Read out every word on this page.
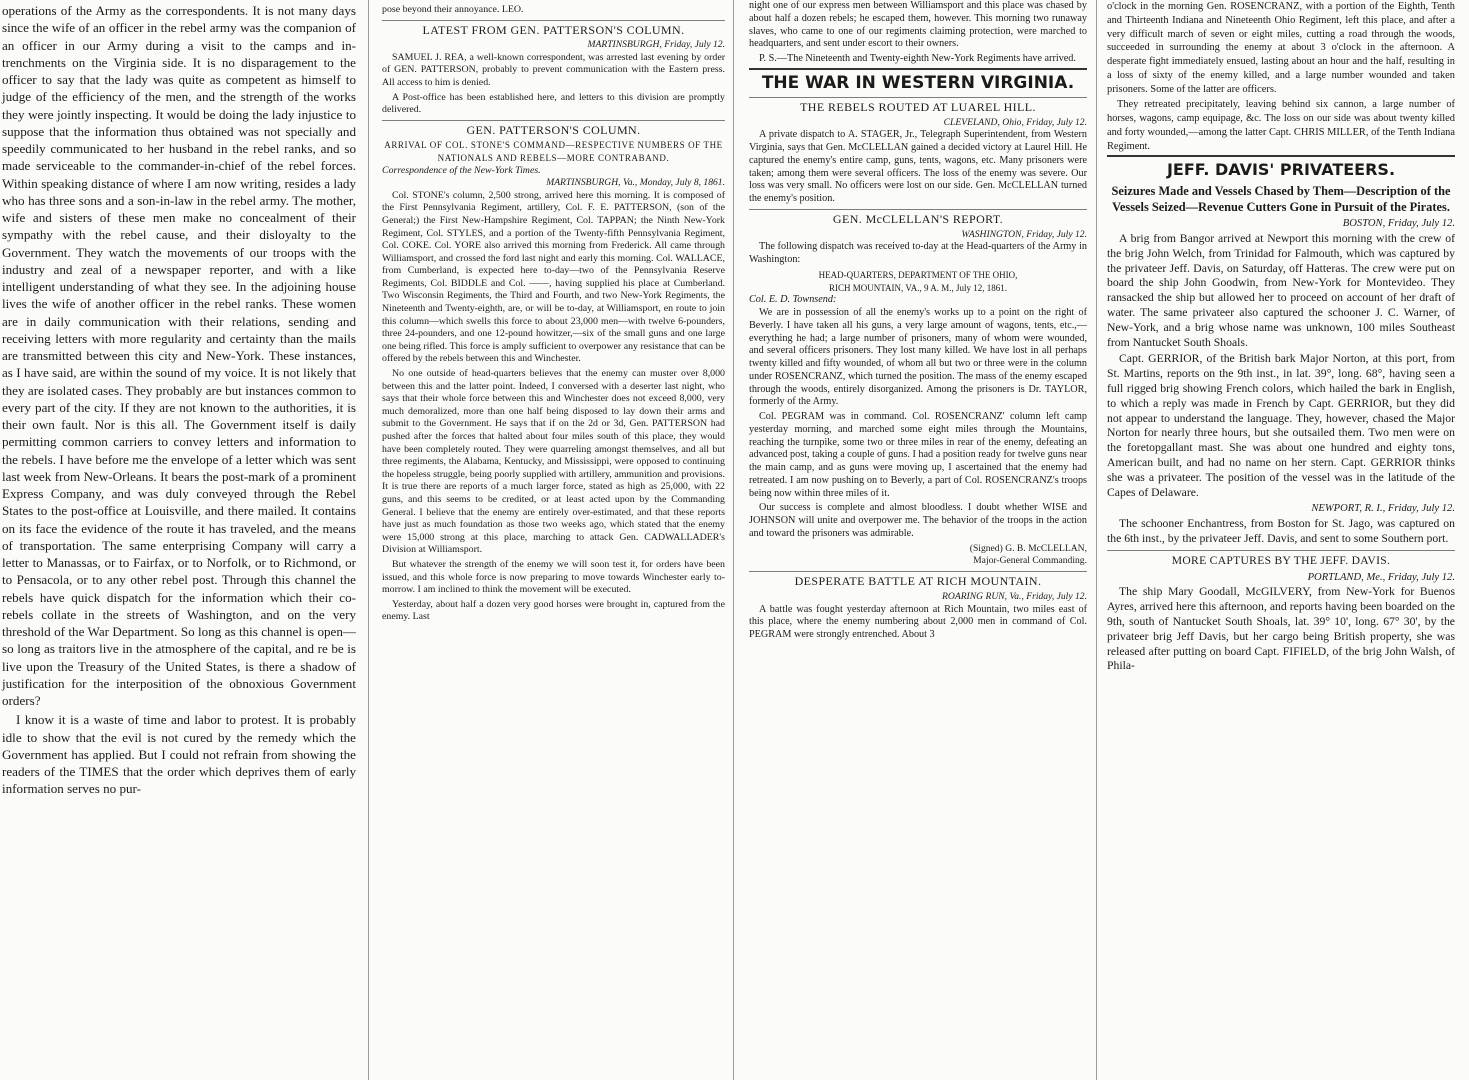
operations of the Army as the correspondents. It is not many days since the wife of an officer in the rebel army was the companion of an officer in our Army during a visit to the camps and in-trenchments on the Virginia side. It is no disparagement to the officer to say that the lady was quite as competent as himself to judge of the efficiency of the men, and the strength of the works they were jointly inspecting. It would be doing the lady injustice to suppose that the information thus obtained was not specially and speedily communicated to her husband in the rebel ranks, and so made serviceable to the commander-in-chief of the rebel forces. Within speaking distance of where I am now writing, resides a lady who has three sons and a son-in-law in the rebel army. The mother, wife and sisters of these men make no concealment of their sympathy with the rebel cause, and their disloyalty to the Government. They watch the movements of our troops with the industry and zeal of a newspaper reporter, and with a like intelligent understanding of what they see. In the adjoining house lives the wife of another officer in the rebel ranks. These women are in daily communication with their relations, sending and receiving letters with more regularity and certainty than the mails are transmitted between this city and New-York. These instances, as I have said, are within the sound of my voice. It is not likely that they are isolated cases. They probably are but instances common to every part of the city. If they are not known to the authorities, it is their own fault. Nor is this all. The Government itself is daily permitting common carriers to convey letters and information to the rebels. I have before me the envelope of a letter which was sent last week from New-Orleans. It bears the post-mark of a prominent Express Company, and was duly conveyed through the Rebel States to the post-office at Louisville, and there mailed. It contains on its face the evidence of the route it has traveled, and the means of transportation. The same enterprising Company will carry a letter to Manassas, or to Fairfax, or to Norfolk, or to Richmond, or to Pensacola, or to any other rebel post. Through this channel the rebels have quick dispatch for the information which their co-rebels collate in the streets of Washington, and on the very threshold of the War Department. So long as this channel is open—so long as traitors live in the atmosphere of the capital, and re be is live upon the Treasury of the United States, is there a shadow of justification for the interposition of the obnoxious Government orders?

I know it is a waste of time and labor to protest. It is probably idle to show that the evil is not cured by the remedy which the Government has applied. But I could not refrain from showing the readers of the TIMES that the order which deprives them of early information serves no pur-

pose beyond their annoyance. LEO.

LATEST FROM GEN. PATTERSON'S COLUMN.
MARTINSBURGH, Friday, July 12.

SAMUEL J. REA, a well-known correspondent, was arrested last evening by order of GEN. PATTERSON, probably to prevent communication with the Eastern press. All access to him is denied.

A Post-office has been established here, and letters to this division are promptly delivered.

GEN. PATTERSON'S COLUMN.
ARRIVAL OF COL. STONE'S COMMAND—RESPECTIVE NUMBERS OF THE NATIONALS AND REBELS—MORE CONTRABAND.
Correspondence of the New-York Times.
MARTINSBURGH, Va., Monday, July 8, 1861.

Col. STONE's column, 2,500 strong, arrived here this morning. It is composed of the First Pennsylvania Regiment, artillery, Col. F. E. PATTERSON, (son of the General;) the First New-Hampshire Regiment, Col. TAPPAN; the Ninth New-York Regiment, Col. STYLES, and a portion of the Twenty-fifth Pennsylvania Regiment, Col. COKE. Col. YORE also arrived this morning from Frederick. All came through Williamsport, and crossed the ford last night and early this morning. Col. WALLACE, from Cumberland, is expected here to-day—two of the Pennsylvania Reserve Regiments, Col. BIDDLE and Col. ——, having supplied his place at Cumberland. Two Wisconsin Regiments, the Third and Fourth, and two New-York Regiments, the Nineteenth and Twenty-eighth, are, or will be to-day, at Williamsport, en route to join this column—which swells this force to about 23,000 men—with twelve 6-pounders, three 24-pounders, and one 12-pound howitzer,—six of the small guns and one large one being rifled. This force is amply sufficient to overpower any resistance that can be offered by the rebels between this and Winchester.

No one outside of head-quarters believes that the enemy can muster over 8,000 between this and the latter point. Indeed, I conversed with a deserter last night, who says that their whole force between this and Winchester does not exceed 8,000, very much demoralized, more than one half being disposed to lay down their arms and submit to the Government. He says that if on the 2d or 3d, Gen. PATTERSON had pushed after the forces that halted about four miles south of this place, they would have been completely routed. They were quarreling amongst themselves, and all but three regiments, the Alabama, Kentucky, and Mississippi, were opposed to continuing the hopeless struggle, being poorly supplied with artillery, ammunition and provisions. It is true there are reports of a much larger force, stated as high as 25,000, with 22 guns, and this seems to be credited, or at least acted upon by the Commanding General. I believe that the enemy are entirely over-estimated, and that these reports have just as much foundation as those two weeks ago, which stated that the enemy were 15,000 strong at this place, marching to attack Gen. CADWALLADER's Division at Williamsport.

But whatever the strength of the enemy we will soon test it, for orders have been issued, and this whole force is now preparing to move towards Winchester early to-morrow. I am inclined to think the movement will be executed.

Yesterday, about half a dozen very good horses were brought in, captured from the enemy. Last

night one of our express men between Williamsport and this place was chased by about half a dozen rebels; he escaped them, however. This morning two runaway slaves, who came to one of our regiments claiming protection, were marched to headquarters, and sent under escort to their owners.

P. S.—The Nineteenth and Twenty-eighth New-York Regiments have arrived.

THE WAR IN WESTERN VIRGINIA.
THE REBELS ROUTED AT LUAREL HILL.
CLEVELAND, Ohio, Friday, July 12.

A private dispatch to A. STAGER, Jr., Telegraph Superintendent, from Western Virginia, says that Gen. McCLELLAN gained a decided victory at Laurel Hill. He captured the enemy's entire camp, guns, tents, wagons, etc. Many prisoners were taken; among them were several officers. The loss of the enemy was severe. Our loss was very small. No officers were lost on our side. Gen. McCLELLAN turned the enemy's position.

GEN. McCLELLAN'S REPORT.
WASHINGTON, Friday, July 12.

The following dispatch was received to-day at the Head-quarters of the Army in Washington:

HEAD-QUARTERS, DEPARTMENT OF THE OHIO,
RICH MOUNTAIN, VA., 9 A. M., July 12, 1861.
Col. E. D. Townsend:

We are in possession of all the enemy's works up to a point on the right of Beverly. I have taken all his guns, a very large amount of wagons, tents, etc.,—everything he had; a large number of prisoners, many of whom were wounded, and several officers prisoners. They lost many killed. We have lost in all perhaps twenty killed and fifty wounded, of whom all but two or three were in the column under ROSENCRANZ, which turned the position. The mass of the enemy escaped through the woods, entirely disorganized. Among the prisoners is Dr. TAYLOR, formerly of the Army.

Col. PEGRAM was in command. Col. ROSENCRANZ' column left camp yesterday morning, and marched some eight miles through the Mountains, reaching the turnpike, some two or three miles in rear of the enemy, defeating an advanced post, taking a couple of guns. I had a position ready for twelve guns near the main camp, and as guns were moving up, I ascertained that the enemy had retreated. I am now pushing on to Beverly, a part of Col. ROSENCRANZ's troops being now within three miles of it.

Our success is complete and almost bloodless. I doubt whether WISE and JOHNSON will unite and overpower me. The behavior of the troops in the action and toward the prisoners was admirable.

(Signed) G. B. McCLELLAN,
Major-General Commanding.
DESPERATE BATTLE AT RICH MOUNTAIN.
ROARING RUN, Va., Friday, July 12.

A battle was fought yesterday afternoon at Rich Mountain, two miles east of this place, where the enemy numbering about 2,000 men in command of Col. PEGRAM were strongly entrenched. About 3

o'clock in the morning Gen. ROSENCRANZ, with a portion of the Eighth, Tenth and Thirteenth Indiana and Nineteenth Ohio Regiment, left this place, and after a very difficult march of seven or eight miles, cutting a road through the woods, succeeded in surrounding the enemy at about 3 o'clock in the afternoon. A desperate fight immediately ensued, lasting about an hour and the half, resulting in a loss of sixty of the enemy killed, and a large number wounded and taken prisoners. Some of the latter are officers.

They retreated precipitately, leaving behind six cannon, a large number of horses, wagons, camp equipage, &c. The loss on our side was about twenty killed and forty wounded,—among the latter Capt. CHRIS MILLER, of the Tenth Indiana Regiment.

JEFF. DAVIS' PRIVATEERS.
Seizures Made and Vessels Chased by Them—Description of the Vessels Seized—Revenue Cutters Gone in Pursuit of the Pirates.
BOSTON, Friday, July 12.

A brig from Bangor arrived at Newport this morning with the crew of the brig John Welch, from Trinidad for Falmouth, which was captured by the privateer Jeff. Davis, on Saturday, off Hatteras. The crew were put on board the ship John Goodwin, from New-York for Montevideo. They ransacked the ship but allowed her to proceed on account of her draft of water. The same privateer also captured the schooner J. C. Warner, of New-York, and a brig whose name was unknown, 100 miles Southeast from Nantucket South Shoals.

Capt. GERRIOR, of the British bark Major Norton, at this port, from St. Martins, reports on the 9th inst., in lat. 39°, long. 68°, having seen a full rigged brig showing French colors, which hailed the bark in English, to which a reply was made in French by Capt. GERRIOR, but they did not appear to understand the language. They, however, chased the Major Norton for nearly three hours, but she outsailed them. Two men were on the foretopgallant mast. She was about one hundred and eighty tons, American built, and had no name on her stern. Capt. GERRIOR thinks she was a privateer. The position of the vessel was in the latitude of the Capes of Delaware.

NEWPORT, R. I., Friday, July 12.

The schooner Enchantress, from Boston for St. Jago, was captured on the 6th inst., by the privateer Jeff. Davis, and sent to some Southern port.

MORE CAPTURES BY THE JEFF. DAVIS.
PORTLAND, Me., Friday, July 12.

The ship Mary Goodall, McGILVERY, from New-York for Buenos Ayres, arrived here this afternoon, and reports having been boarded on the 9th, south of Nantucket South Shoals, lat. 39° 10', long. 67° 30', by the privateer brig Jeff Davis, but her cargo being British property, she was released after putting on board Capt. FIFIELD, of the brig John Walsh, of Phila-
